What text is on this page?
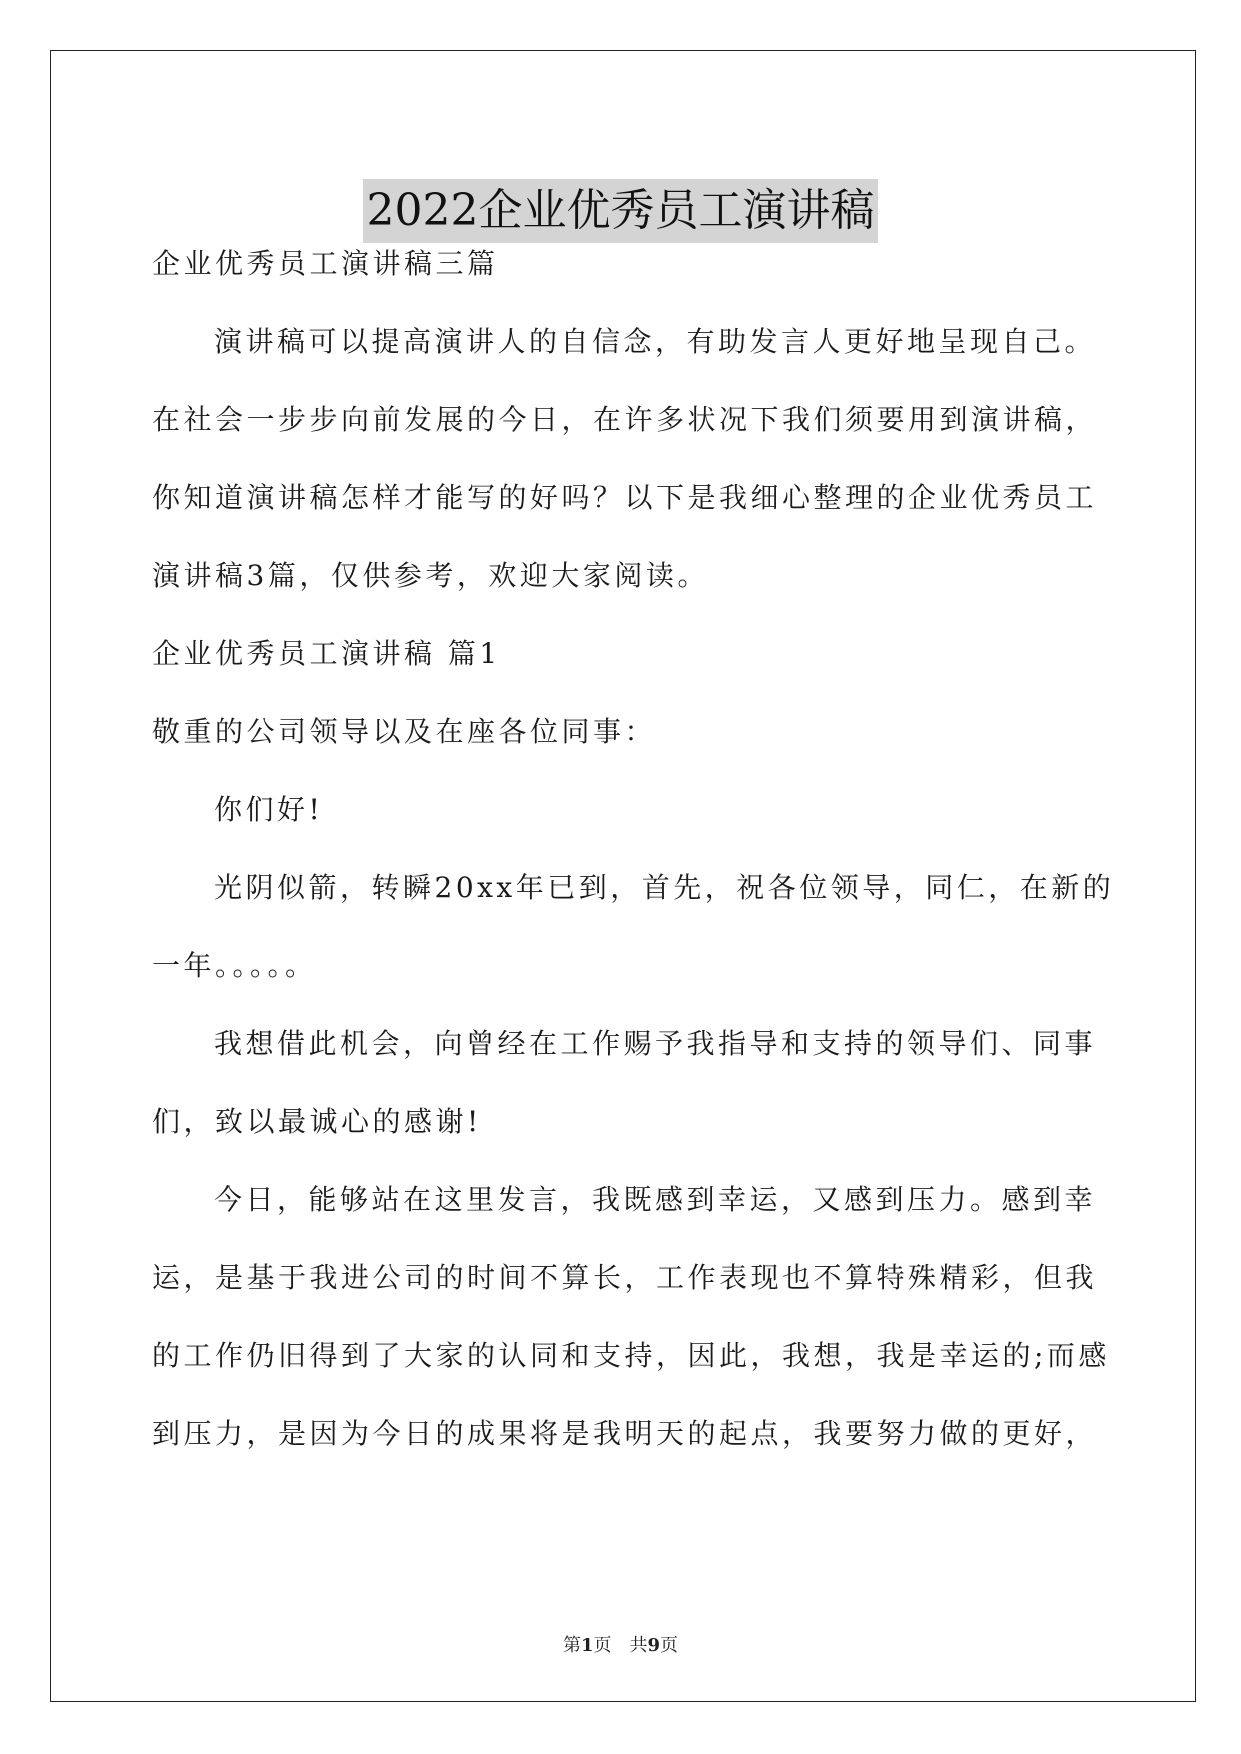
2022企业优秀员工演讲稿
企业优秀员工演讲稿三篇
演讲稿可以提高演讲人的自信念，有助发言人更好地呈现自己。
在社会一步步向前发展的今日，在许多状况下我们须要用到演讲稿，
你知道演讲稿怎样才能写的好吗？以下是我细心整理的企业优秀员工
演讲稿3篇，仅供参考，欢迎大家阅读。
企业优秀员工演讲稿 篇1
敬重的公司领导以及在座各位同事：
你们好!
光阴似箭，转瞬20xx年已到，首先，祝各位领导，同仁，在新的
一年。。。。。
我想借此机会，向曾经在工作赐予我指导和支持的领导们、同事
们，致以最诚心的感谢!
今日，能够站在这里发言，我既感到幸运，又感到压力。感到幸
运，是基于我进公司的时间不算长，工作表现也不算特殊精彩，但我
的工作仍旧得到了大家的认同和支持，因此，我想，我是幸运的;而感
到压力，是因为今日的成果将是我明天的起点，我要努力做的更好，
第1页 共9页
